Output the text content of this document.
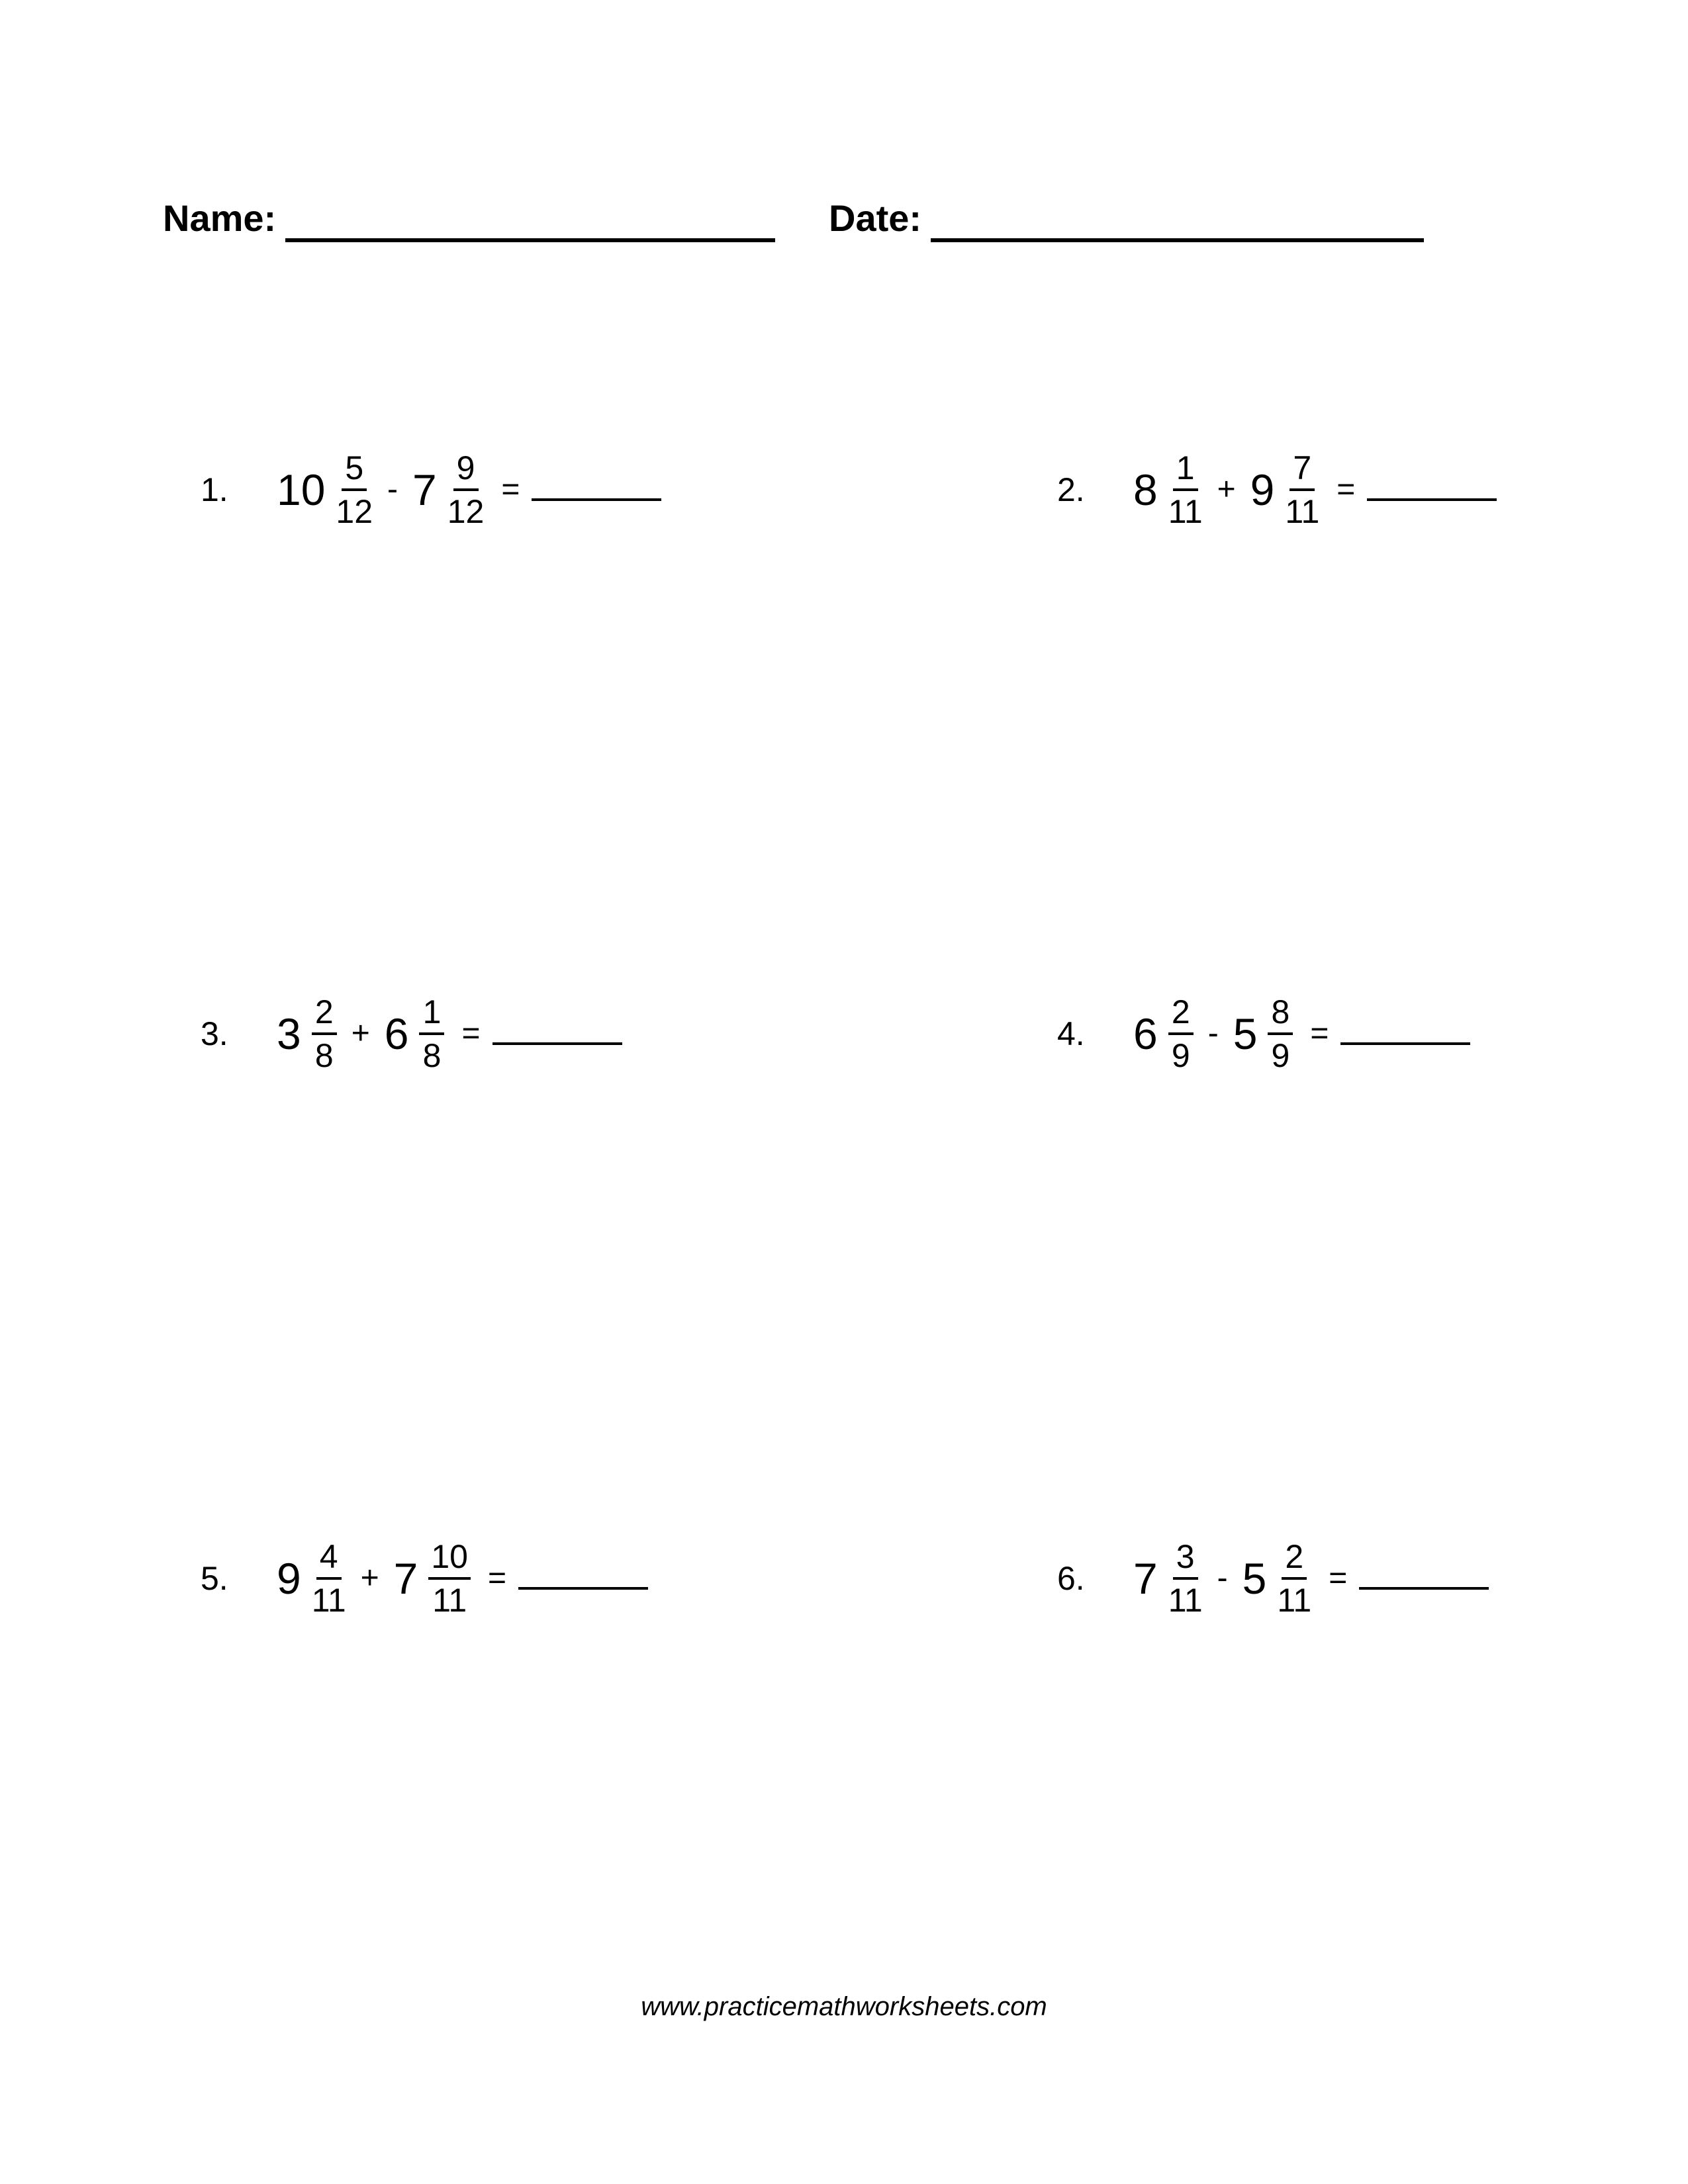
Name:	Date:
1.	$10 \frac{5}{12} - 7 \frac{9}{12}$ =	2.	$8 \frac{1}{11} + 9 \frac{7}{11}$ =
3.	$3 \frac{2}{8} + 6 \frac{1}{8}$ =	4.	$6 \frac{2}{9} - 5 \frac{8}{9}$ =
5.	$9 \frac{4}{11} + 7 \frac{10}{11}$ =	6.	$7 \frac{3}{11} - 5 \frac{2}{11}$ =
www.practicemathworksheets.com
